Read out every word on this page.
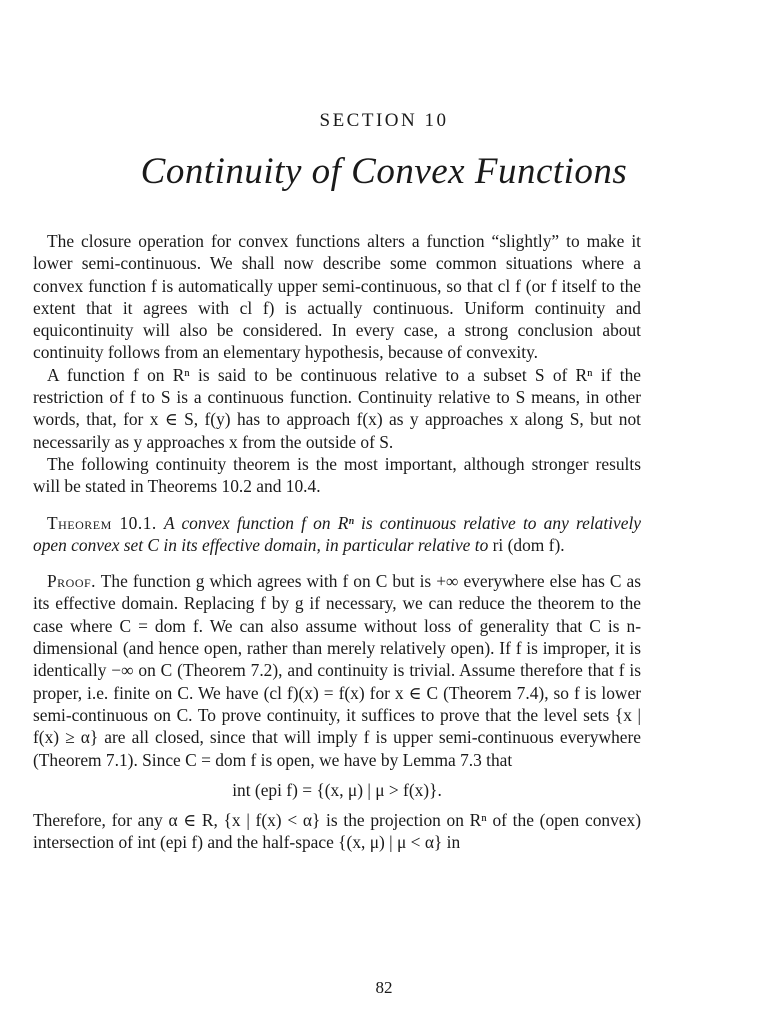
SECTION 10
Continuity of Convex Functions

The closure operation for convex functions alters a function “slightly” to make it lower semi-continuous. We shall now describe some common situations where a convex function f is automatically upper semi-continuous, so that cl f (or f itself to the extent that it agrees with cl f) is actually continuous. Uniform continuity and equicontinuity will also be considered. In every case, a strong conclusion about continuity follows from an elementary hypothesis, because of convexity.

A function f on Rⁿ is said to be continuous relative to a subset S of Rⁿ if the restriction of f to S is a continuous function. Continuity relative to S means, in other words, that, for x ∈ S, f(y) has to approach f(x) as y approaches x along S, but not necessarily as y approaches x from the outside of S.

The following continuity theorem is the most important, although stronger results will be stated in Theorems 10.2 and 10.4.

Theorem 10.1. A convex function f on Rⁿ is continuous relative to any relatively open convex set C in its effective domain, in particular relative to ri (dom f).

Proof. The function g which agrees with f on C but is +∞ everywhere else has C as its effective domain. Replacing f by g if necessary, we can reduce the theorem to the case where C = dom f. We can also assume without loss of generality that C is n-dimensional (and hence open, rather than merely relatively open). If f is improper, it is identically −∞ on C (Theorem 7.2), and continuity is trivial. Assume therefore that f is proper, i.e. finite on C. We have (cl f)(x) = f(x) for x ∈ C (Theorem 7.4), so f is lower semi-continuous on C. To prove continuity, it suffices to prove that the level sets {x | f(x) ≥ α} are all closed, since that will imply f is upper semi-continuous everywhere (Theorem 7.1). Since C = dom f is open, we have by Lemma 7.3 that

int (epi f) = {(x, μ) | μ > f(x)}.

Therefore, for any α ∈ R, {x | f(x) < α} is the projection on Rⁿ of the (open convex) intersection of int (epi f) and the half-space {(x, μ) | μ < α} in

82
